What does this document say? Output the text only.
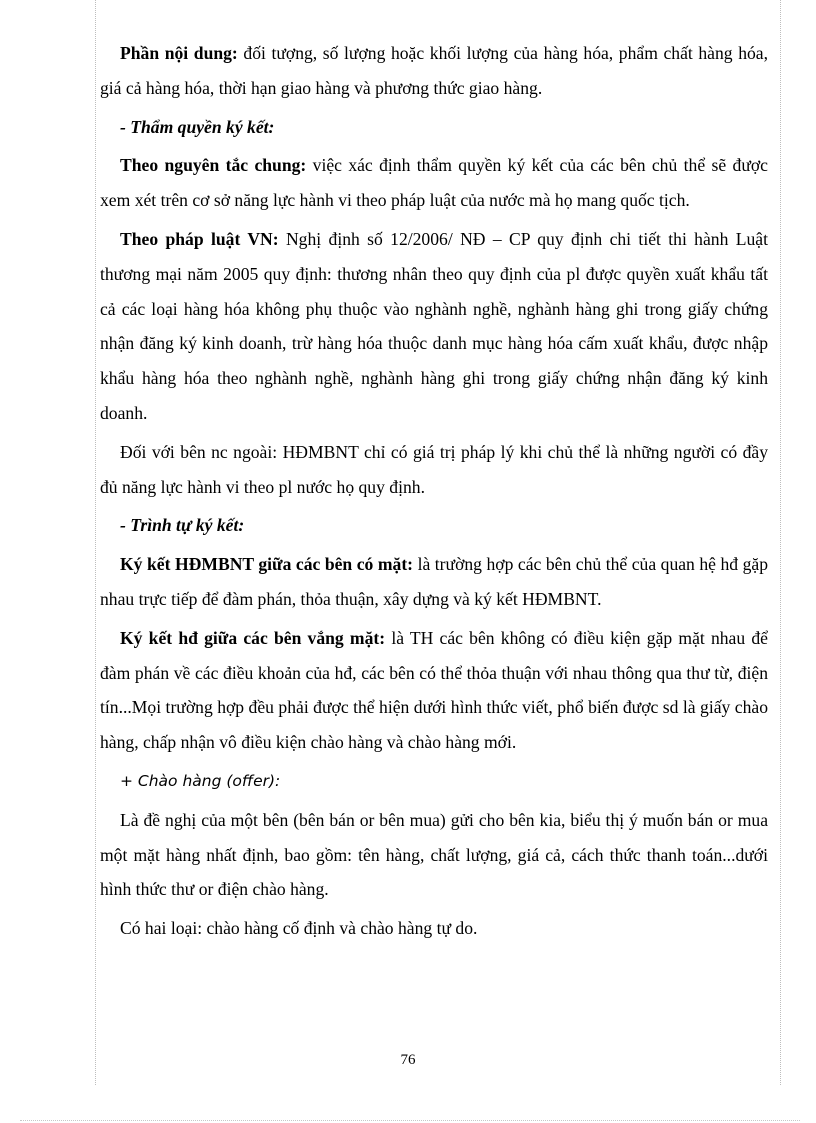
Phần nội dung: đối tượng, số lượng hoặc khối lượng của hàng hóa, phẩm chất hàng hóa, giá cả hàng hóa, thời hạn giao hàng và phương thức giao hàng.

- Thẩm quyền ký kết:

Theo nguyên tắc chung: việc xác định thẩm quyền ký kết của các bên chủ thể sẽ được xem xét trên cơ sở năng lực hành vi theo pháp luật của nước mà họ mang quốc tịch.

Theo pháp luật VN: Nghị định số 12/2006/ NĐ – CP quy định chi tiết thi hành Luật thương mại năm 2005 quy định: thương nhân theo quy định của pl được quyền xuất khẩu tất cả các loại hàng hóa không phụ thuộc vào nghành nghề, nghành hàng ghi trong giấy chứng nhận đăng ký kinh doanh, trừ hàng hóa thuộc danh mục hàng hóa cấm xuất khẩu, được nhập khẩu hàng hóa theo nghành nghề, nghành hàng ghi trong giấy chứng nhận đăng ký kinh doanh.

Đối với bên nc ngoài: HĐMBNT chỉ có giá trị pháp lý khi chủ thể là những người có đầy đủ năng lực hành vi theo pl nước họ quy định.

- Trình tự ký kết:

Ký kết HĐMBNT giữa các bên có mặt: là trường hợp các bên chủ thể của quan hệ hđ gặp nhau trực tiếp để đàm phán, thỏa thuận, xây dựng và ký kết HĐMBNT.

Ký kết hđ giữa các bên vắng mặt: là TH các bên không có điều kiện gặp mặt nhau để đàm phán về các điều khoản của hđ, các bên có thể thỏa thuận với nhau thông qua thư từ, điện tín...Mọi trường hợp đều phải được thể hiện dưới hình thức viết, phổ biến được sd là giấy chào hàng, chấp nhận vô điều kiện chào hàng và chào hàng mới.

+ Chào hàng (offer):

Là đề nghị của một bên (bên bán or bên mua) gửi cho bên kia, biểu thị ý muốn bán or mua một mặt hàng nhất định, bao gồm: tên hàng, chất lượng, giá cả, cách thức thanh toán...dưới hình thức thư or điện chào hàng.

Có hai loại: chào hàng cố định và chào hàng tự do.

76
